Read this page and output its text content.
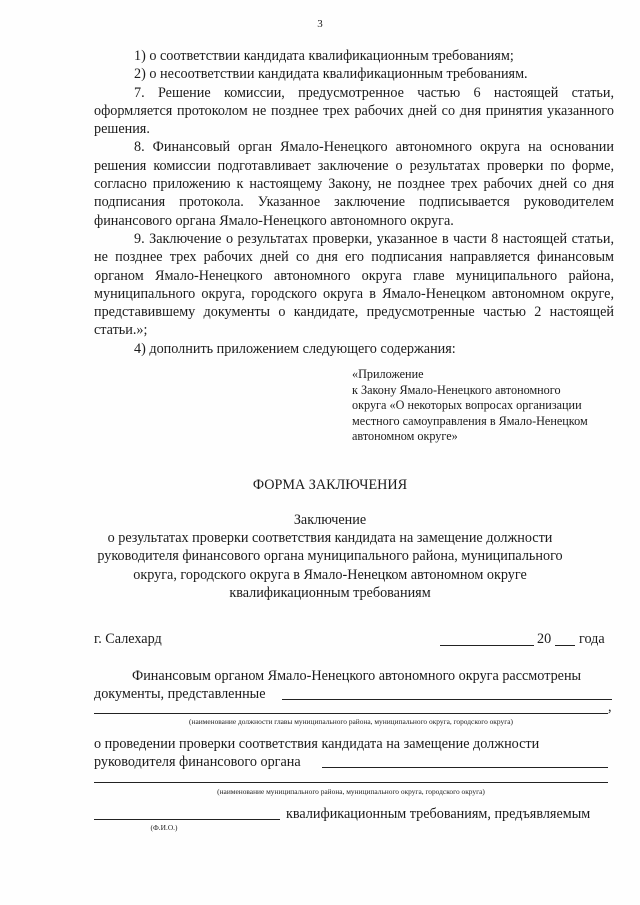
3

1) о соответствии кандидата квалификационным требованиям;

2) о несоответствии кандидата квалификационным требованиям.

7. Решение комиссии, предусмотренное частью 6 настоящей статьи, оформляется протоколом не позднее трех рабочих дней со дня принятия указанного решения.

8. Финансовый орган Ямало-Ненецкого автономного округа на основании решения комиссии подготавливает заключение о результатах проверки по форме, согласно приложению к настоящему Закону, не позднее трех рабочих дней со дня подписания протокола. Указанное заключение подписывается руководителем финансового органа Ямало-Ненецкого автономного округа.

9. Заключение о результатах проверки, указанное в части 8 настоящей статьи, не позднее трех рабочих дней со дня его подписания направляется финансовым органом Ямало-Ненецкого автономного округа главе муниципального района, муниципального округа, городского округа в Ямало-Ненецком автономном округе, представившему документы о кандидате, предусмотренные частью 2 настоящей статьи.»;

4) дополнить приложением следующего содержания:

«Приложение
к Закону Ямало-Ненецкого автономного
округа «О некоторых вопросах организации
местного самоуправления в Ямало-Ненецком
автономном округе»
ФОРМА ЗАКЛЮЧЕНИЯ
Заключение
о результатах проверки соответствия кандидата на замещение должности
руководителя финансового органа муниципального района, муниципального
округа, городского округа в Ямало-Ненецком автономном округе
квалификационным требованиям
г. Салехард	20 года
Финансовым органом Ямало-Ненецкого автономного округа рассмотрены
документы, представленные
,
(наименование должности главы муниципального района, муниципального округа, городского округа)

о проведении проверки соответствия кандидата на замещение должности

руководителя финансового органа
(наименование муниципального района, муниципального округа, городского округа)
квалификационным требованиям, предъявляемым
(Ф.И.О.)
